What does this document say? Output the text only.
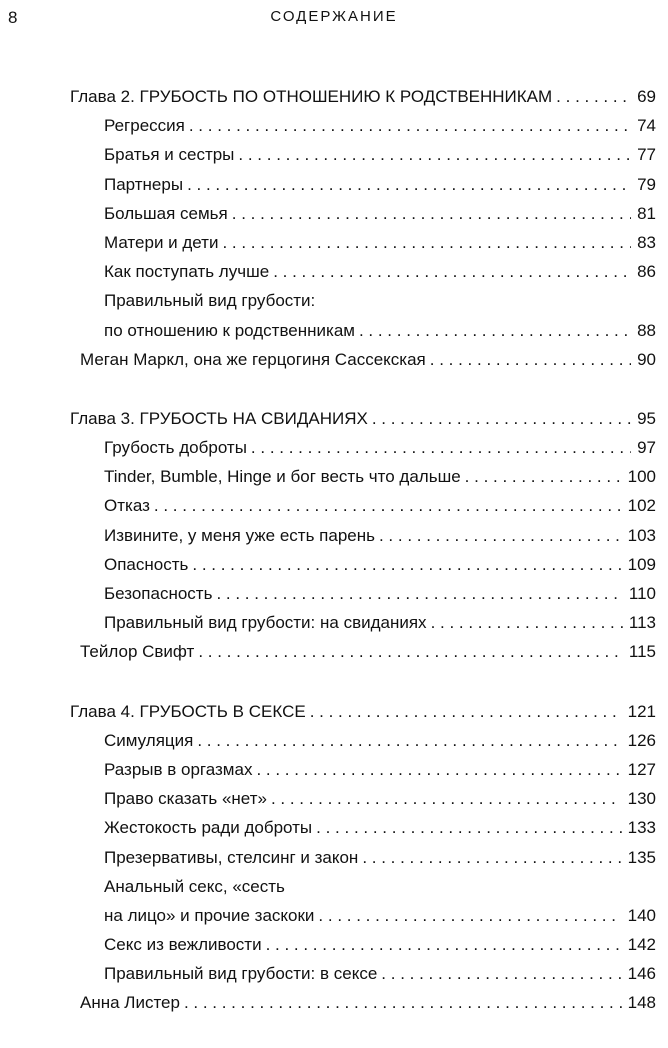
8	СОДЕРЖАНИЕ
Глава 2. ГРУБОСТЬ ПО ОТНОШЕНИЮ К РОДСТВЕННИКАМ . . .	69
Регрессия . . .	74
Братья и сестры . . .	77
Партнеры . . .	79
Большая семья . . .	81
Матери и дети . . .	83
Как поступать лучше . . .	86
Правильный вид грубости:
по отношению к родственникам . . .	88
Меган Маркл, она же герцогиня Сассекская . . .	90
Глава 3. ГРУБОСТЬ НА СВИДАНИЯХ . . .	95
Грубость доброты . . .	97
Tinder, Bumble, Hinge и бог весть что дальше . . .	100
Отказ . . .	102
Извините, у меня уже есть парень . . .	103
Опасность . . .	109
Безопасность . . .	110
Правильный вид грубости: на свиданиях . . .	113
Тейлор Свифт . . .	115
Глава 4. ГРУБОСТЬ В СЕКСЕ . . .	121
Симуляция . . .	126
Разрыв в оргазмах . . .	127
Право сказать «нет» . . .	130
Жестокость ради доброты . . .	133
Презервативы, стелсинг и закон . . .	135
Анальный секс, «сесть
на лицо» и прочие заскоки . . .	140
Секс из вежливости . . .	142
Правильный вид грубости: в сексе . . .	146
Анна Листер . . .	148
